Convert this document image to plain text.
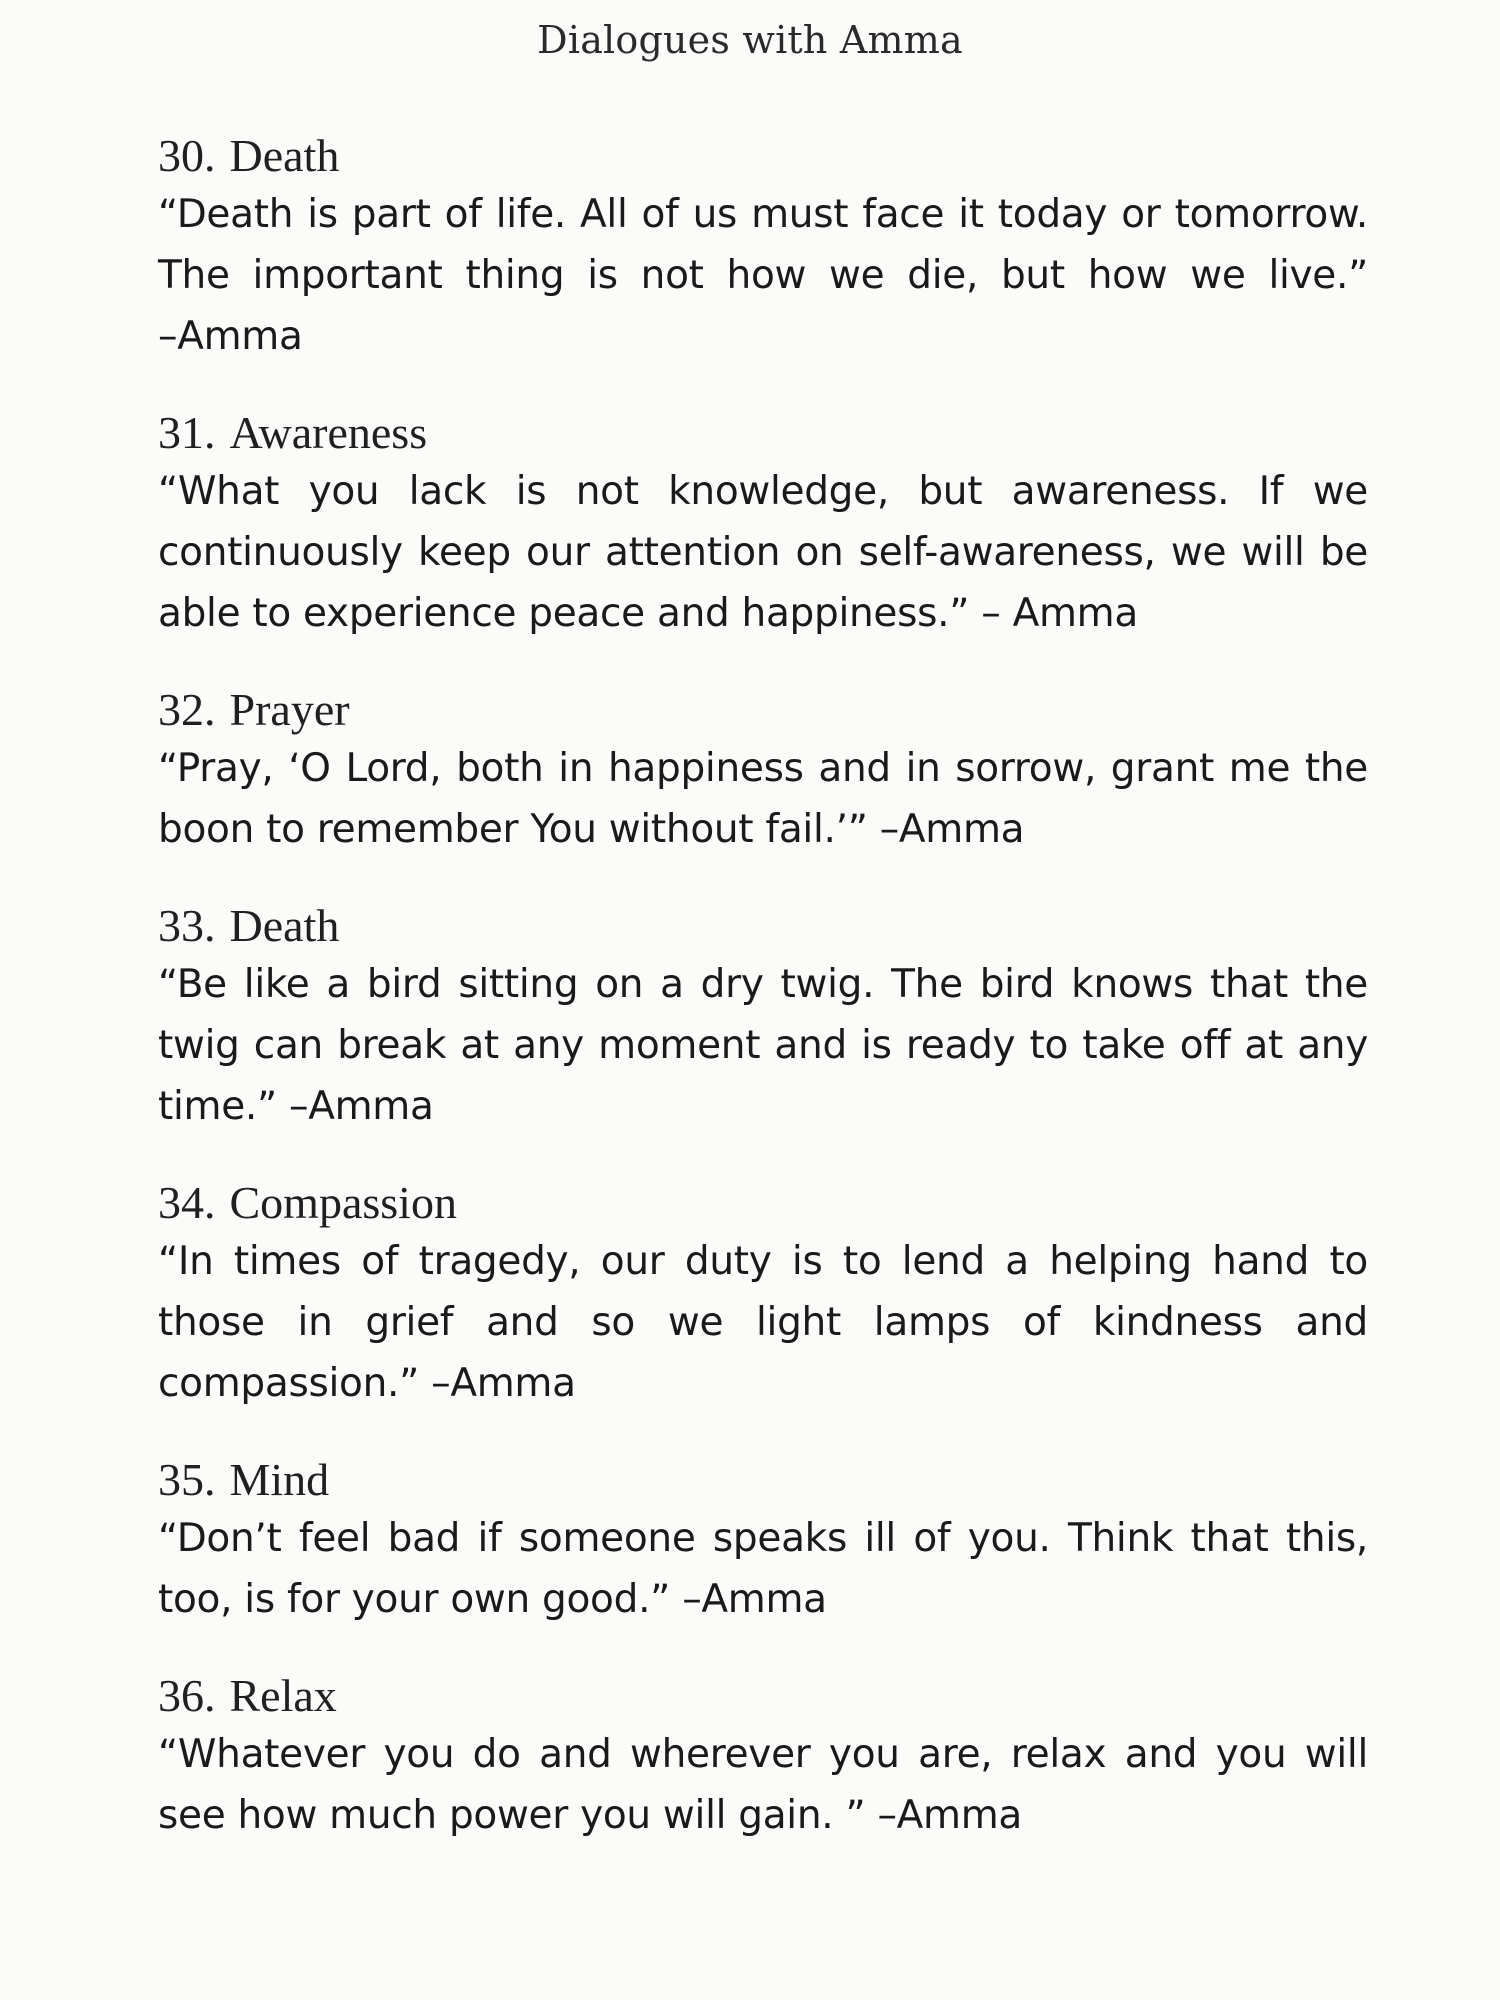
Dialogues with Amma
30. Death

“Death is part of life. All of us must face it today or tomorrow. The important thing is not how we die, but how we live.” –Amma

31. Awareness

“What you lack is not knowledge, but awareness. If we continuously keep our attention on self-awareness, we will be able to experience peace and happiness.” – Amma

32. Prayer

“Pray, ‘O Lord, both in happiness and in sorrow, grant me the boon to remember You without fail.’” –Amma

33. Death

“Be like a bird sitting on a dry twig. The bird knows that the twig can break at any moment and is ready to take off at any time.” –Amma

34. Compassion

“In times of tragedy, our duty is to lend a helping hand to those in grief and so we light lamps of kindness and compassion.” –Amma

35. Mind

“Don’t feel bad if someone speaks ill of you. Think that this, too, is for your own good.” –Amma

36. Relax

“Whatever you do and wherever you are, relax and you will see how much power you will gain. ” –Amma
